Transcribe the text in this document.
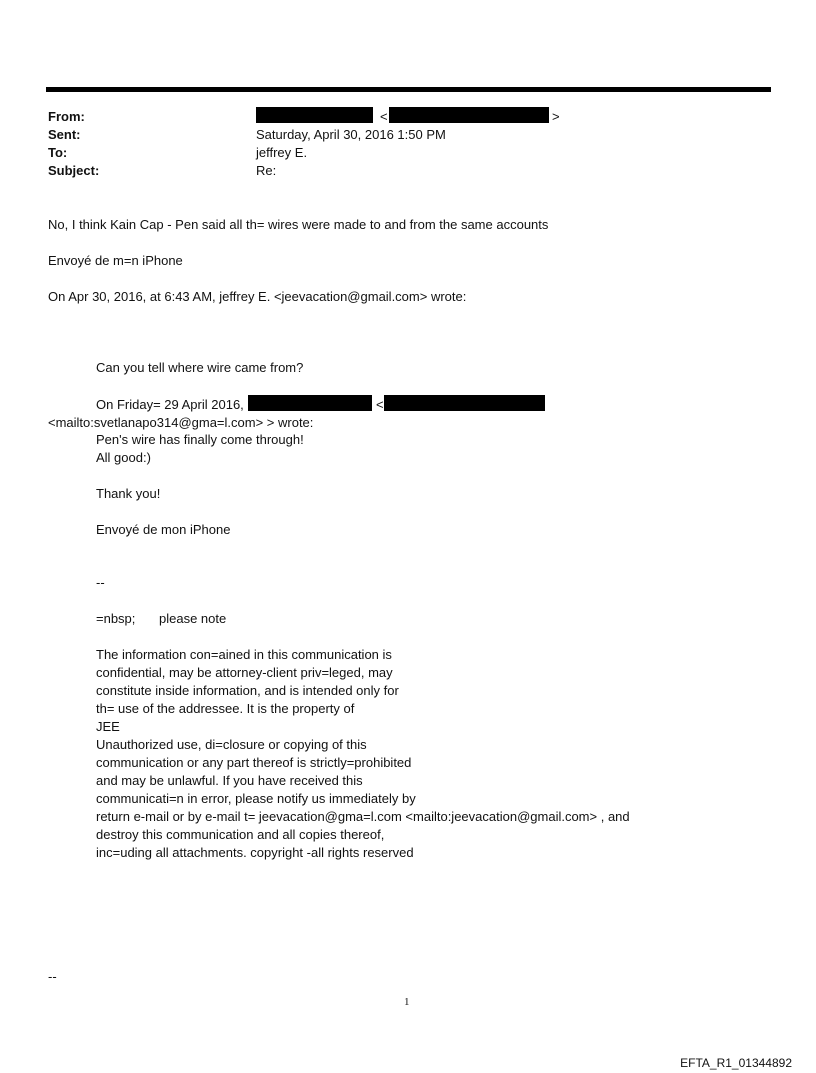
From:
Sent:
To:
Subject:
<	>
Saturday, April 30, 2016 1:50 PM
jeffrey E.
Re:
No, I think Kain Cap - Pen said all th= wires were made to and from the same accounts
Envoyé de m=n iPhone
On Apr 30, 2016, at 6:43 AM, jeffrey E. <jeevacation@gmail.com> wrote:
Can you tell where wire came from?
On Friday= 29 April 2016,	<
<mailto:svetlanapo314@gma=l.com> > wrote:
Pen's wire has finally come through!
All good:)
Thank you!
Envoyé de mon iPhone
--
=nbsp; please note
The information con=ained in this communication is
confidential, may be attorney-client priv=leged, may
constitute inside information, and is intended only for
th= use of the addressee. It is the property of
JEE
Unauthorized use, di=closure or copying of this
communication or any part thereof is strictly=prohibited
and may be unlawful. If you have received this
communicati=n in error, please notify us immediately by
return e-mail or by e-mail t= jeevacation@gma=l.com <mailto:jeevacation@gmail.com> , and
destroy this communication and all copies thereof,
inc=uding all attachments. copyright -all rights reserved
--
1
EFTA_R1_01344892
